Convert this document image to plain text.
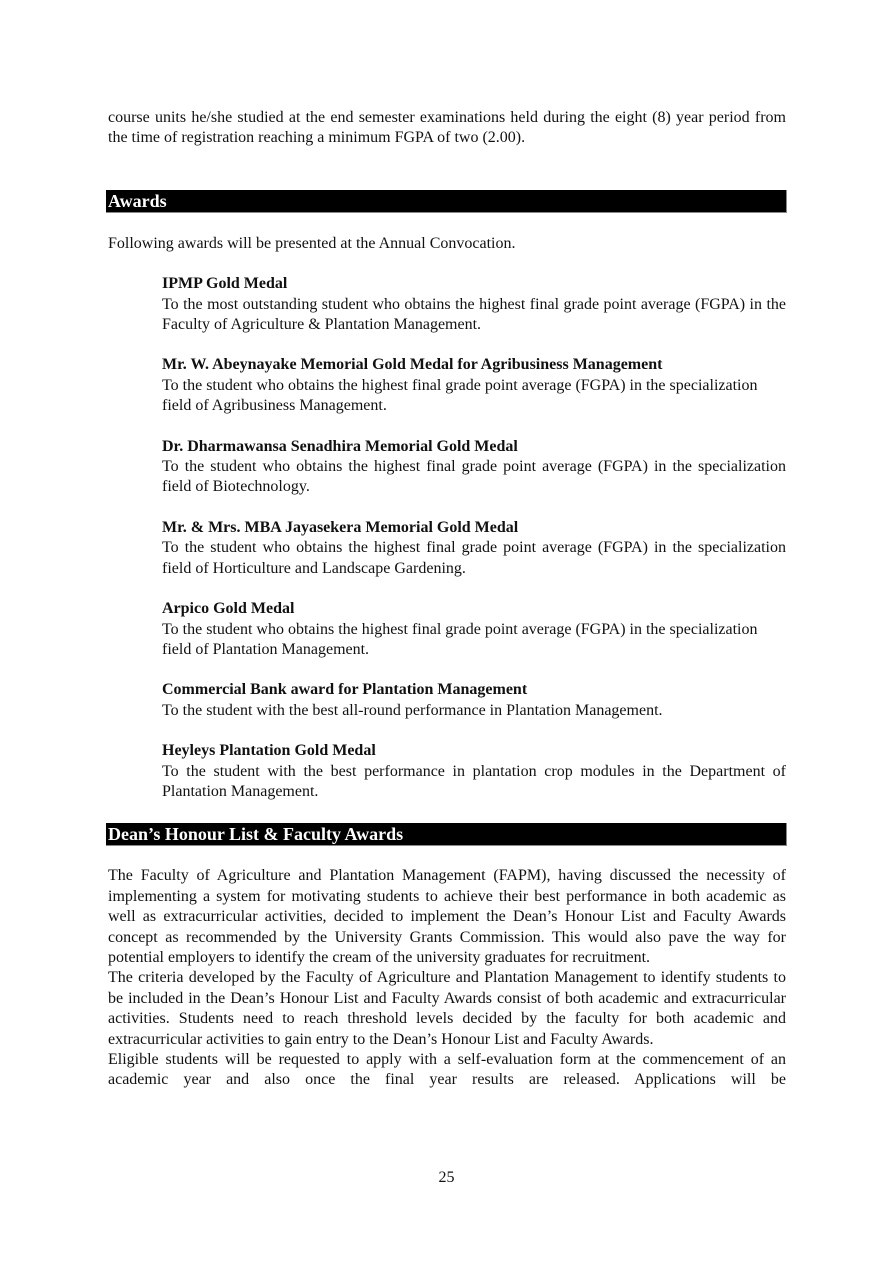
course units he/she studied at the end semester examinations held during the eight (8) year period from the time of registration reaching a minimum FGPA of two (2.00).

Awards

Following awards will be presented at the Annual Convocation.

IPMP Gold Medal

To the most outstanding student who obtains the highest final grade point average (FGPA) in the Faculty of Agriculture & Plantation Management.

Mr. W. Abeynayake Memorial Gold Medal for Agribusiness Management

To the student who obtains the highest final grade point average (FGPA) in the specialization field of Agribusiness Management.

Dr. Dharmawansa Senadhira Memorial Gold Medal

To the student who obtains the highest final grade point average (FGPA) in the specialization field of Biotechnology.

Mr. & Mrs. MBA Jayasekera Memorial Gold Medal

To the student who obtains the highest final grade point average (FGPA) in the specialization field of Horticulture and Landscape Gardening.

Arpico Gold Medal

To the student who obtains the highest final grade point average (FGPA) in the specialization field of Plantation Management.

Commercial Bank award for Plantation Management

To the student with the best all-round performance in Plantation Management.

Heyleys Plantation Gold Medal

To the student with the best performance in plantation crop modules in the Department of Plantation Management.

Dean’s Honour List & Faculty Awards

The Faculty of Agriculture and Plantation Management (FAPM), having discussed the necessity of implementing a system for motivating students to achieve their best performance in both academic as well as extracurricular activities, decided to implement the Dean’s Honour List and Faculty Awards concept as recommended by the University Grants Commission. This would also pave the way for potential employers to identify the cream of the university graduates for recruitment.

The criteria developed by the Faculty of Agriculture and Plantation Management to identify students to be included in the Dean’s Honour List and Faculty Awards consist of both academic and extracurricular activities. Students need to reach threshold levels decided by the faculty for both academic and extracurricular activities to gain entry to the Dean’s Honour List and Faculty Awards.

Eligible students will be requested to apply with a self-evaluation form at the commencement of an academic year and also once the final year results are released. Applications will be

25
